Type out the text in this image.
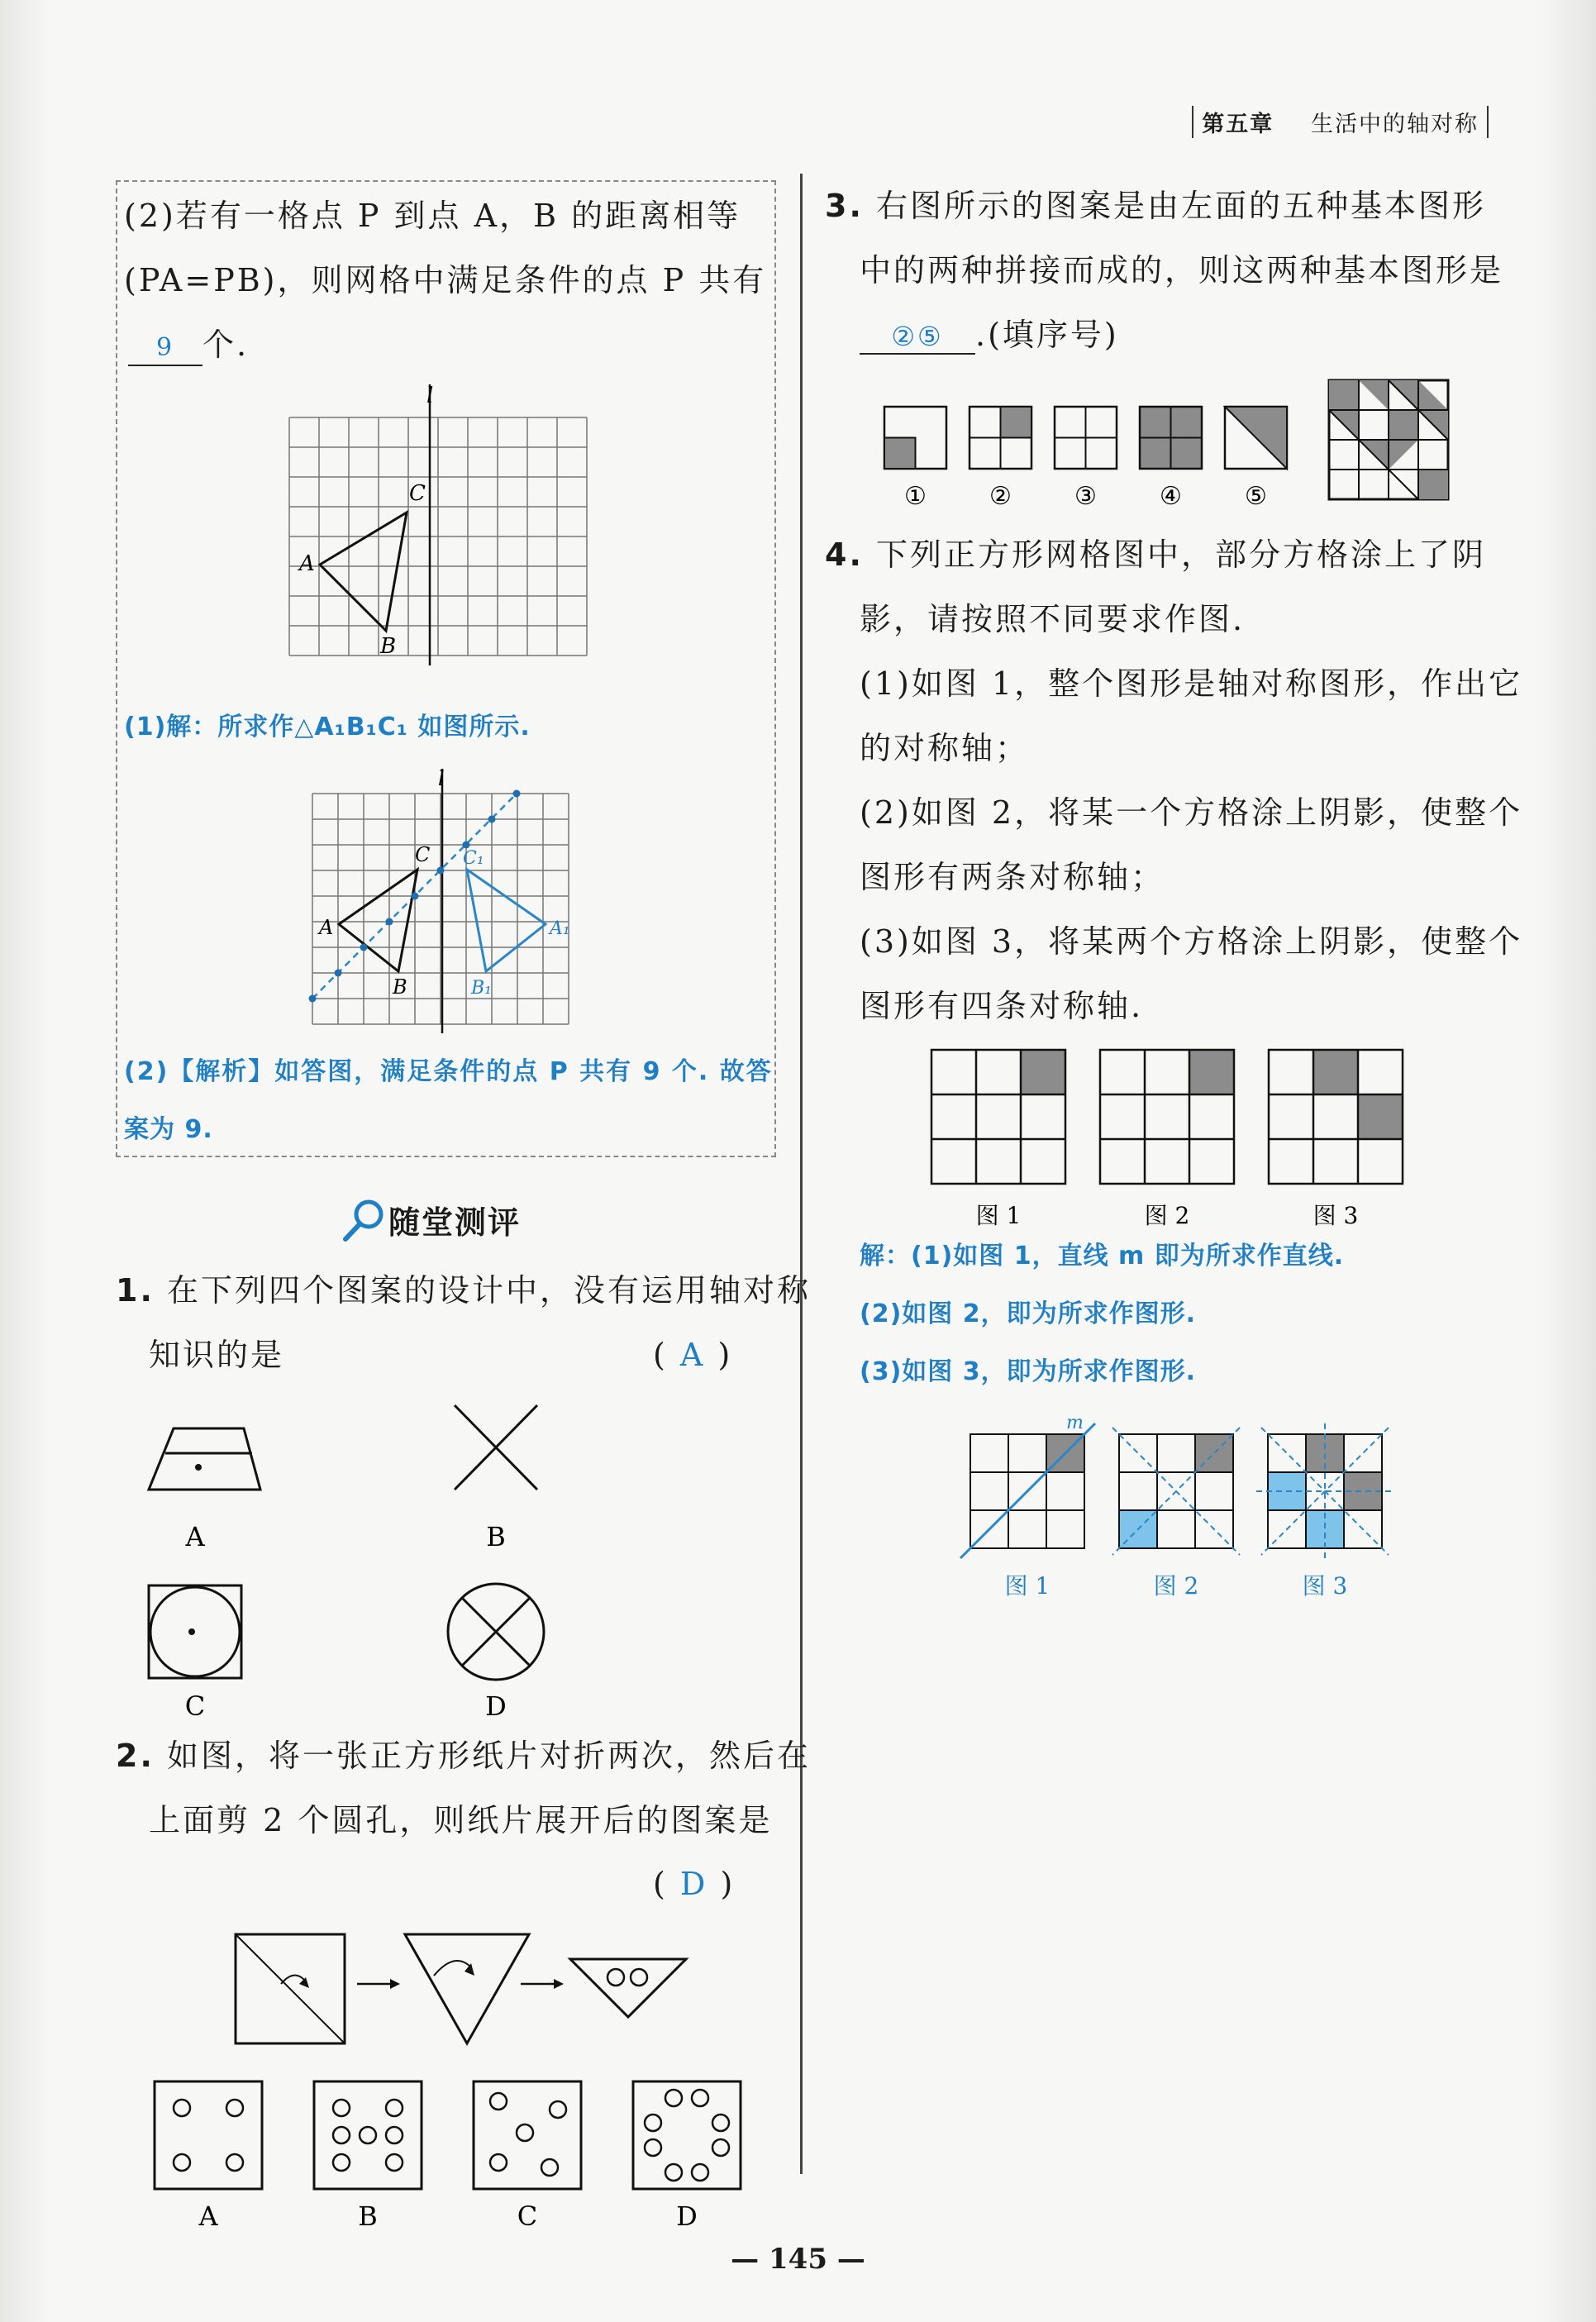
第五章 生活中的轴对称
(2)若有一格点 P 到点 A，B 的距离相等
(PA=PB)，则网格中满足条件的点 P 共有
9 个.
l
A
B
C
(1)解：所求作△A₁B₁C₁ 如图所示.
l
A
B
C
A₁
B₁
C₁
(2)【解析】如答图，满足条件的点 P 共有 9 个. 故答
案为 9.
随堂测评
1. 在下列四个图案的设计中，没有运用轴对称
知识的是	( A )
A	B
C	D
2. 如图，将一张正方形纸片对折两次，然后在
上面剪 2 个圆孔，则纸片展开后的图案是
( D )
A	B	C	D
3. 右图所示的图案是由左面的五种基本图形
中的两种拼接而成的，则这两种基本图形是
②⑤ .(填序号)
①	②	③	④	⑤
4. 下列正方形网格图中，部分方格涂上了阴
影，请按照不同要求作图.
(1)如图 1，整个图形是轴对称图形，作出它
的对称轴；
(2)如图 2，将某一个方格涂上阴影，使整个
图形有两条对称轴；
(3)如图 3，将某两个方格涂上阴影，使整个
图形有四条对称轴.
图 1	图 2	图 3
解：(1)如图 1，直线 m 即为所求作直线.
(2)如图 2，即为所求作图形.
(3)如图 3，即为所求作图形.
m
图 1	图 2	图 3
— 145 —
